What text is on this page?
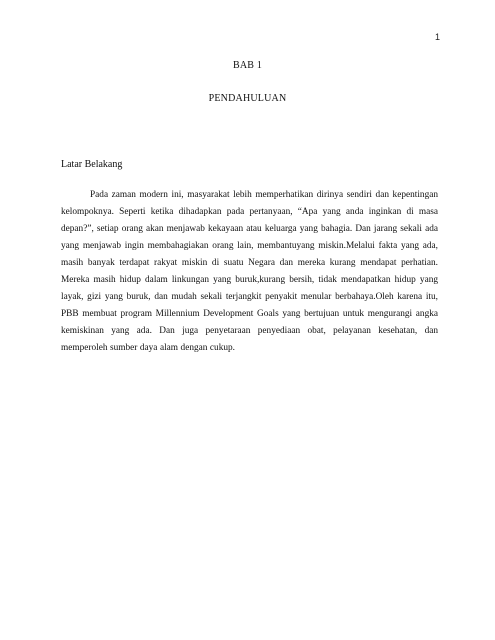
1
BAB 1
PENDAHULUAN
Latar Belakang

Pada zaman modern ini, masyarakat lebih memperhatikan dirinya sendiri dan kepentingan kelompoknya. Seperti ketika dihadapkan pada pertanyaan, “Apa yang anda inginkan di masa depan?”, setiap orang akan menjawab kekayaan atau keluarga yang bahagia. Dan jarang sekali ada yang menjawab ingin membahagiakan orang lain, membantuyang miskin.Melalui fakta yang ada, masih banyak terdapat rakyat miskin di suatu Negara dan mereka kurang mendapat perhatian. Mereka masih hidup dalam linkungan yang buruk,kurang bersih, tidak mendapatkan hidup yang layak, gizi yang buruk, dan mudah sekali terjangkit penyakit menular berbahaya.Oleh karena itu, PBB membuat program Millennium Development Goals yang bertujuan untuk mengurangi angka kemiskinan yang ada. Dan juga penyetaraan penyediaan obat, pelayanan kesehatan, dan memperoleh sumber daya alam dengan cukup.
